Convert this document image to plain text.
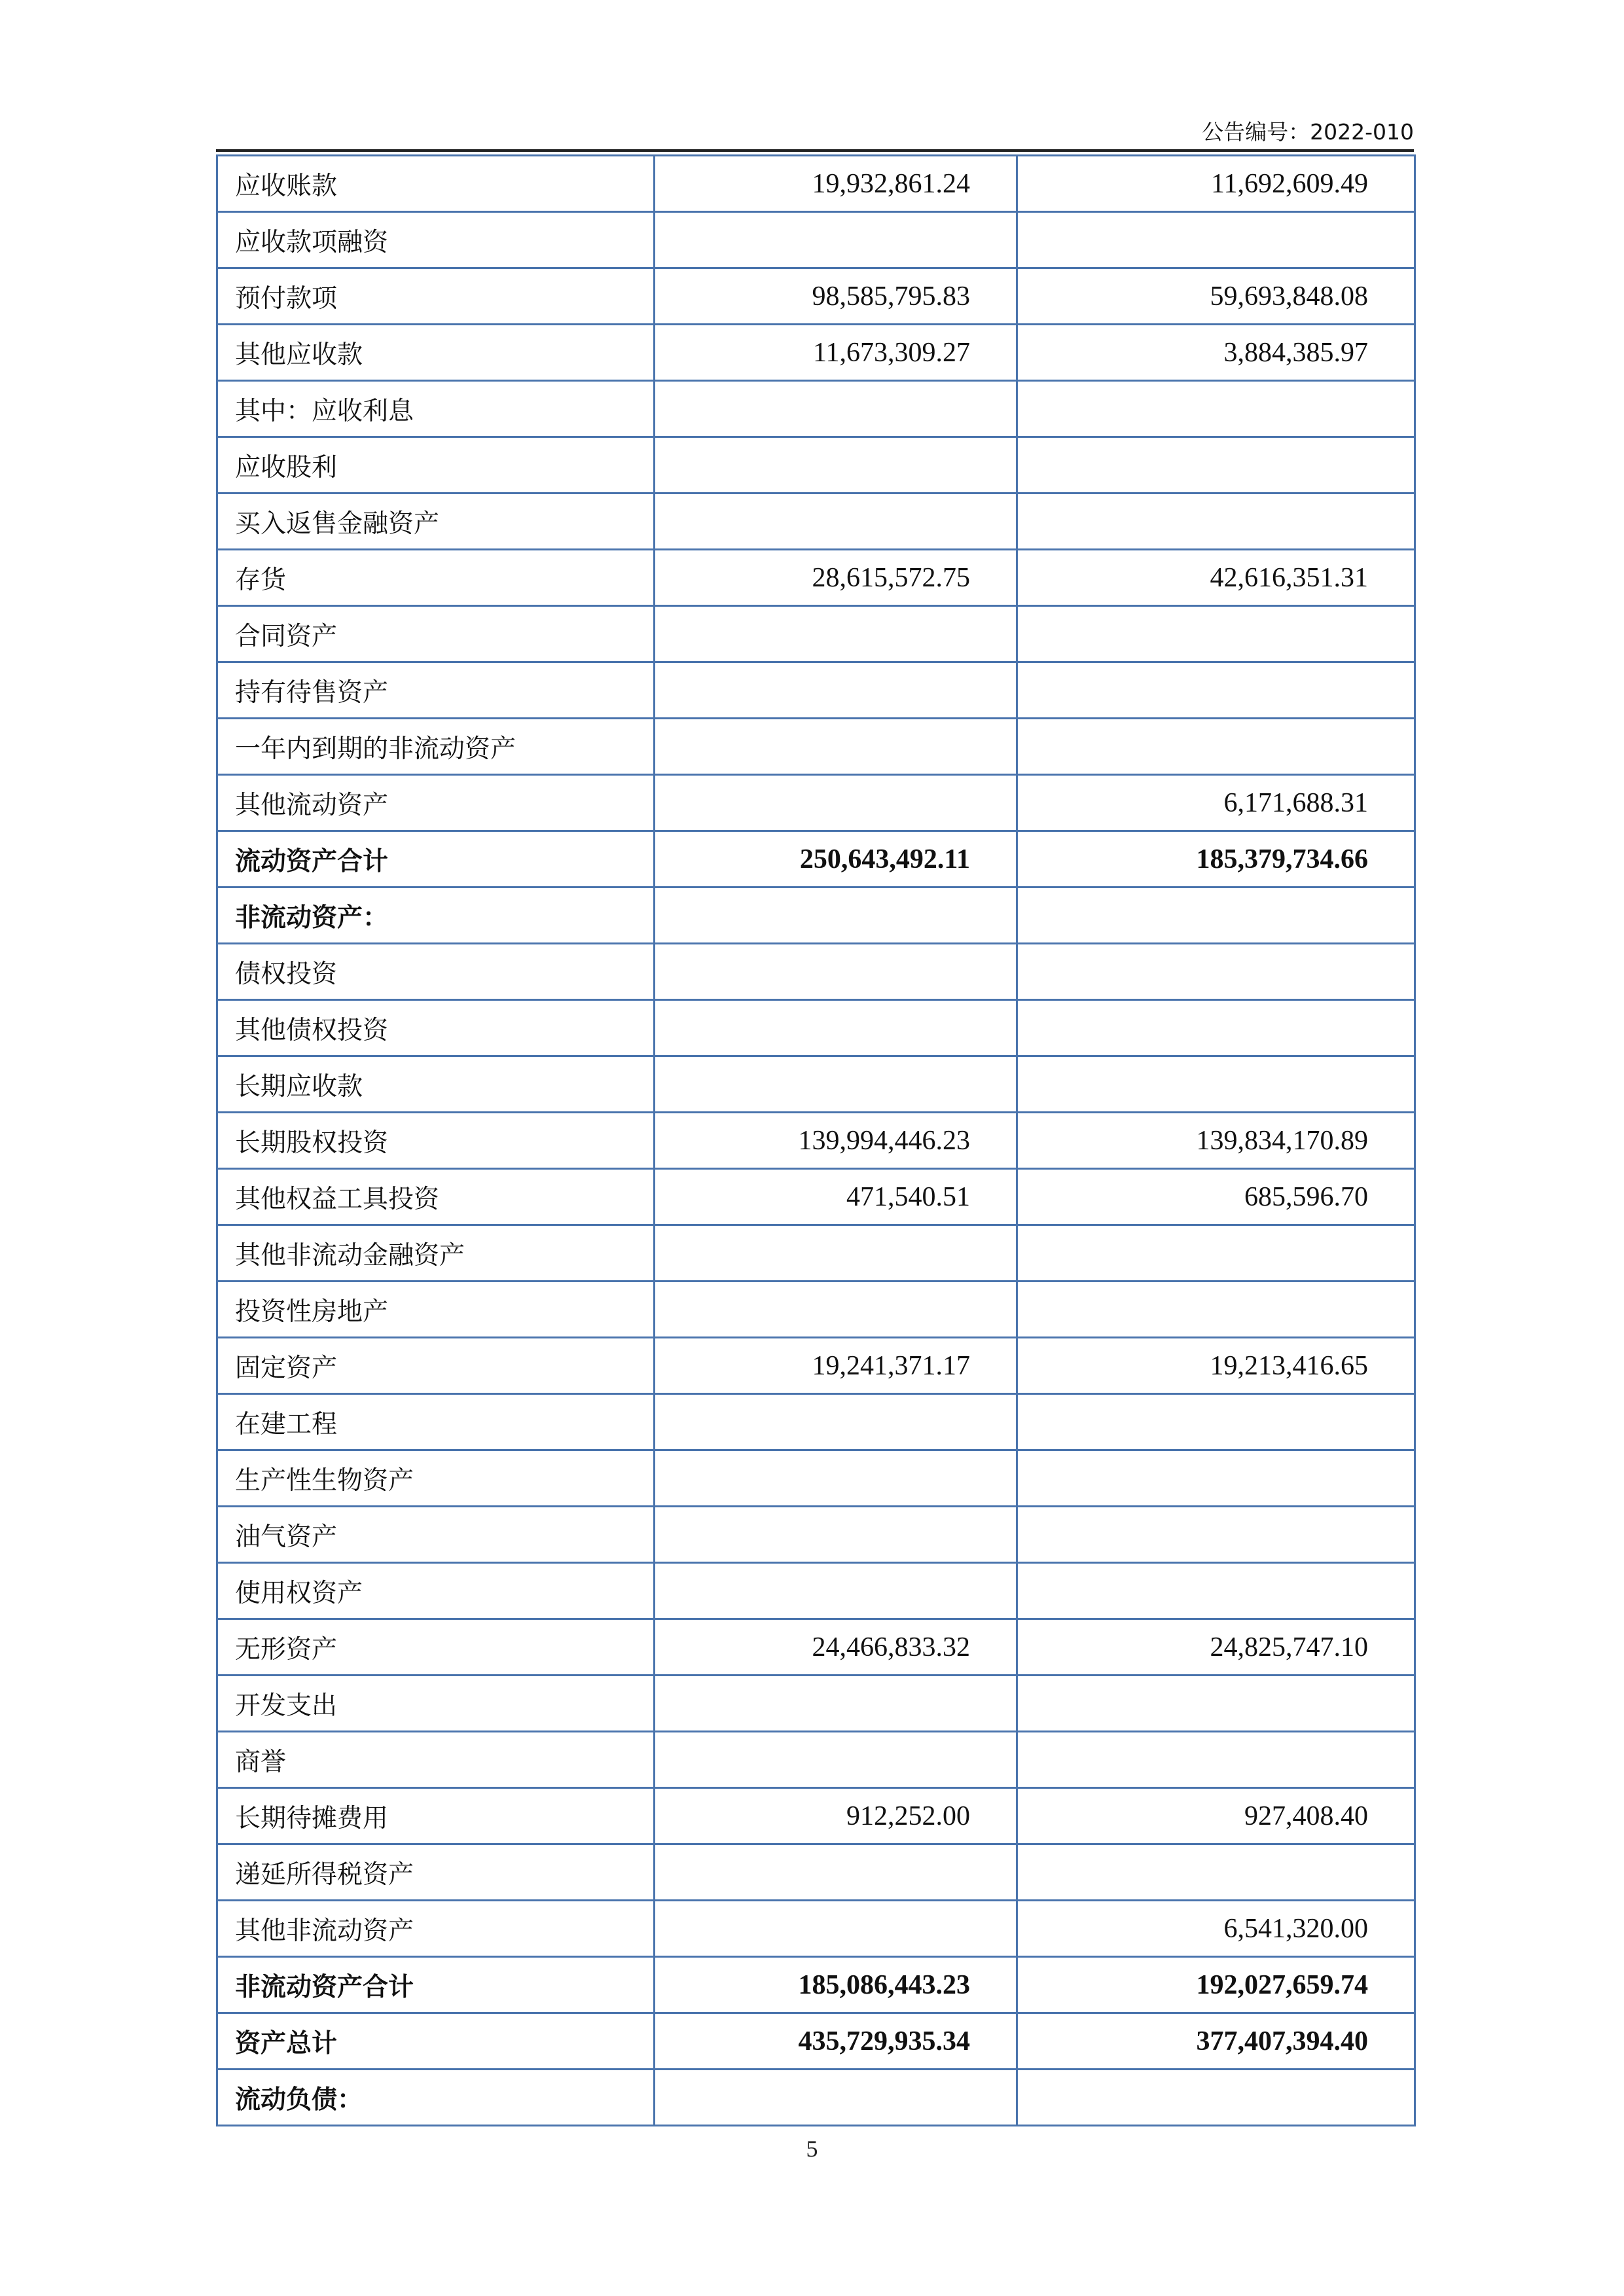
公告编号：2022-010
应收账款	19,932,861.24	11,692,609.49
应收款项融资		
预付款项	98,585,795.83	59,693,848.08
其他应收款	11,673,309.27	3,884,385.97
其中：应收利息		
应收股利		
买入返售金融资产		
存货	28,615,572.75	42,616,351.31
合同资产		
持有待售资产		
一年内到期的非流动资产		
其他流动资产		6,171,688.31
流动资产合计	250,643,492.11	185,379,734.66
非流动资产：		
债权投资		
其他债权投资		
长期应收款		
长期股权投资	139,994,446.23	139,834,170.89
其他权益工具投资	471,540.51	685,596.70
其他非流动金融资产		
投资性房地产		
固定资产	19,241,371.17	19,213,416.65
在建工程		
生产性生物资产		
油气资产		
使用权资产		
无形资产	24,466,833.32	24,825,747.10
开发支出		
商誉		
长期待摊费用	912,252.00	927,408.40
递延所得税资产		
其他非流动资产		6,541,320.00
非流动资产合计	185,086,443.23	192,027,659.74
资产总计	435,729,935.34	377,407,394.40
流动负债：		
5
